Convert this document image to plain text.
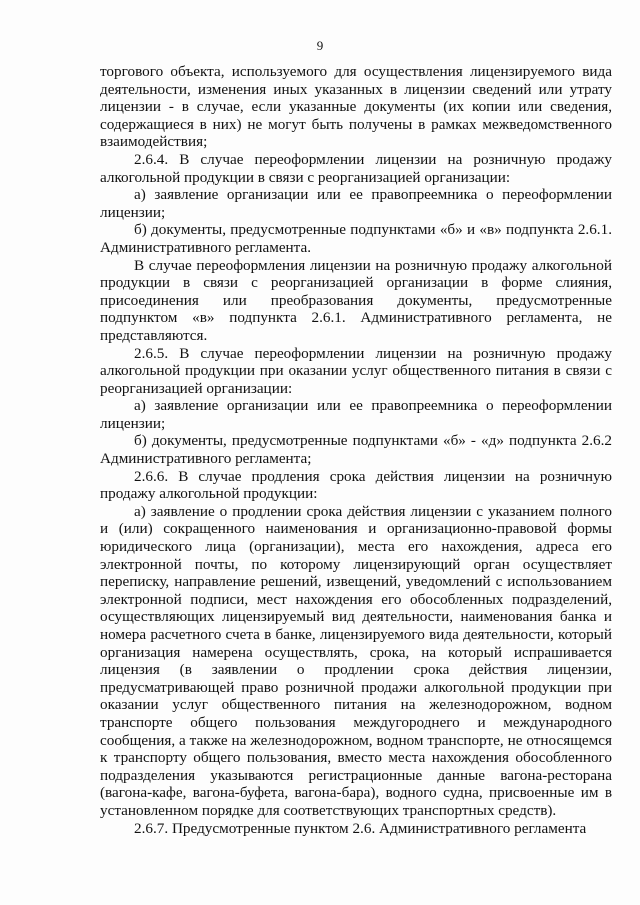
9

торгового объекта, используемого для осуществления лицензируемого вида деятельности, изменения иных указанных в лицензии сведений или утрату лицензии - в случае, если указанные документы (их копии или сведения, содержащиеся в них) не могут быть получены в рамках межведомственного взаимодействия;

2.6.4. В случае переоформлении лицензии на розничную продажу алкогольной продукции в связи с реорганизацией организации:

а) заявление организации или ее правопреемника о переоформлении лицензии;

б) документы, предусмотренные подпунктами «б» и «в» подпункта 2.6.1. Административного регламента.

В случае переоформления лицензии на розничную продажу алкогольной продукции в связи с реорганизацией организации в форме слияния, присоединения или преобразования документы, предусмотренные подпунктом «в» подпункта 2.6.1. Административного регламента, не представляются.

2.6.5. В случае переоформлении лицензии на розничную продажу алкогольной продукции при оказании услуг общественного питания в связи с реорганизацией организации:

а) заявление организации или ее правопреемника о переоформлении лицензии;

б) документы, предусмотренные подпунктами «б» - «д» подпункта 2.6.2 Административного регламента;

2.6.6. В случае продления срока действия лицензии на розничную продажу алкогольной продукции:

а) заявление о продлении срока действия лицензии с указанием полного и (или) сокращенного наименования и организационно-правовой формы юридического лица (организации), места его нахождения, адреса его электронной почты, по которому лицензирующий орган осуществляет переписку, направление решений, извещений, уведомлений с использованием электронной подписи, мест нахождения его обособленных подразделений, осуществляющих лицензируемый вид деятельности, наименования банка и номера расчетного счета в банке, лицензируемого вида деятельности, который организация намерена осуществлять, срока, на который испрашивается лицензия (в заявлении о продлении срока действия лицензии, предусматривающей право розничной продажи алкогольной продукции при оказании услуг общественного питания на железнодорожном, водном транспорте общего пользования междугороднего и международного сообщения, а также на железнодорожном, водном транспорте, не относящемся к транспорту общего пользования, вместо места нахождения обособленного подразделения указываются регистрационные данные вагона-ресторана (вагона-кафе, вагона-буфета, вагона-бара), водного судна, присвоенные им в установленном порядке для соответствующих транспортных средств).

2.6.7. Предусмотренные пунктом 2.6. Административного регламента
